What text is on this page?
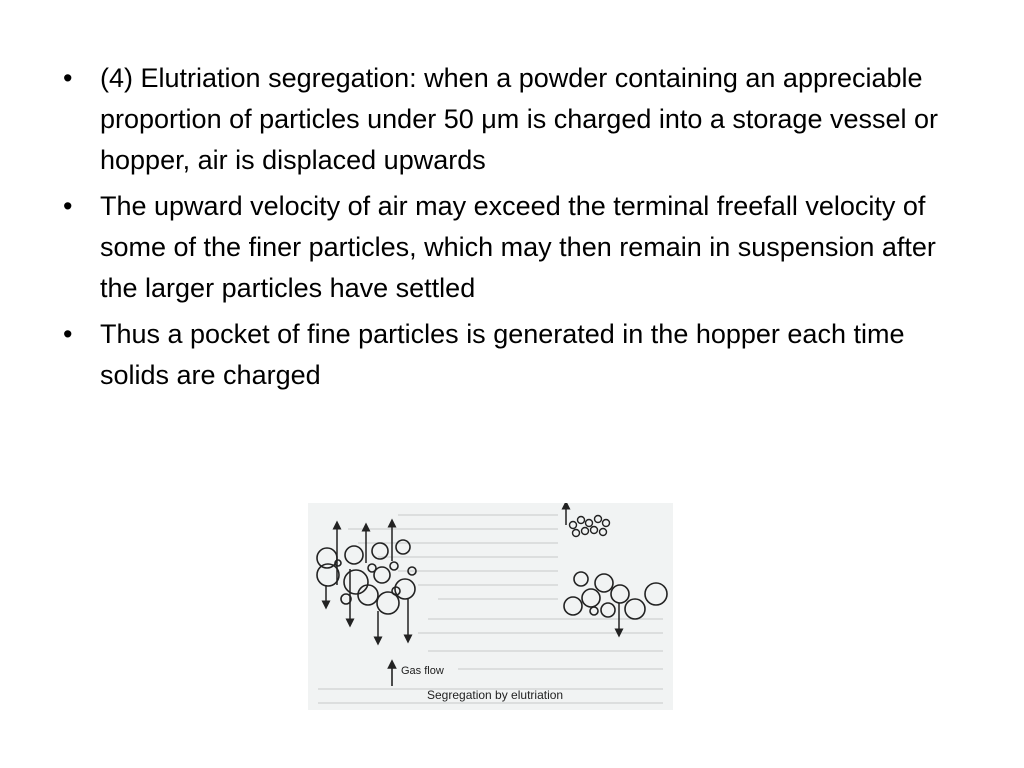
•	(4) Elutriation segregation: when a powder containing an appreciable proportion of particles under 50 μm is charged into a storage vessel or hopper, air is displaced upwards
•	The upward velocity of air may exceed the terminal freefall velocity of some of the finer particles, which may then remain in suspension after the larger particles have settled
•	Thus a pocket of fine particles is generated in the hopper each time solids are charged
Gas flow
Segregation by elutriation
